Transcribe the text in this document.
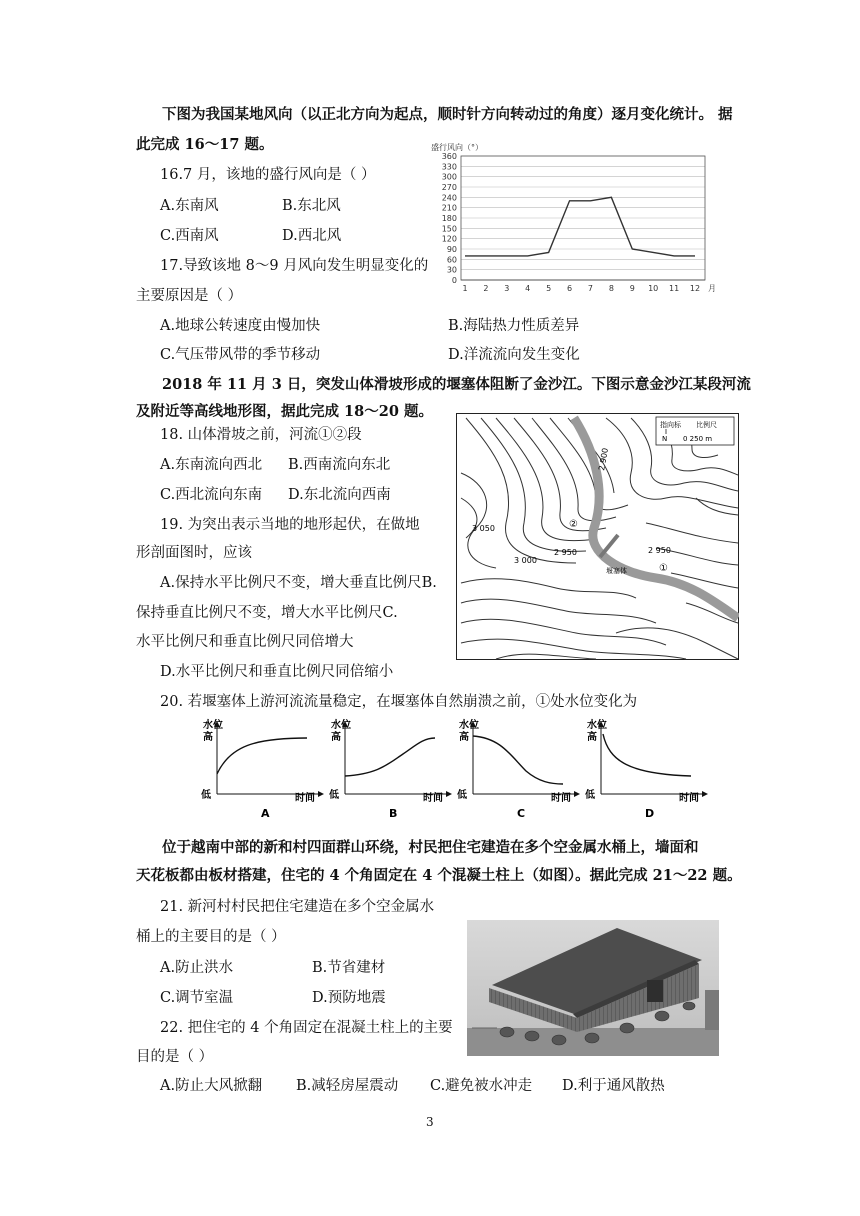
下图为我国某地风向（以正北方向为起点，顺时针方向转动过的角度）逐月变化统计。 据
此完成 16～17 题。
16.7 月，该地的盛行风向是（ ）
A.东南风	B.东北风
C.西南风	D.西北风
17.导致该地 8～9 月风向发生明显变化的
主要原因是（ ）
A.地球公转速度由慢加快	B.海陆热力性质差异
C.气压带风带的季节移动	D.洋流流向发生变化
盛行风向（°）
0
30
60
90
120
150
180
210
240
270
300
330
360
1 2 3 4 5 6 7 8 9 10 11 12 月
2018 年 11 月 3 日，突发山体滑坡形成的堰塞体阻断了金沙江。下图示意金沙江某段河流
及附近等高线地形图，据此完成 18～20 题。
18. 山体滑坡之前，河流①②段
A.东南流向西北 B.西南流向东北
C.西北流向东南 D.东北流向西南
19. 为突出表示当地的地形起伏，在做地
形剖面图时，应该
A.保持水平比例尺不变，增大垂直比例尺B.
保持垂直比例尺不变，增大水平比例尺C.
水平比例尺和垂直比例尺同倍增大
D.水平比例尺和垂直比例尺同倍缩小
指向标
N
比例尺
0 250 m
2 900
3 050
2 950	2 950
3 000
②
①
堰塞体
20. 若堰塞体上游河流流量稳定，在堰塞体自然崩溃之前，①处水位变化为
水位
高
低	时间
A
水位
高
低	时间
B
水位
高
低	时间
C
水位
高
低	时间
D
位于越南中部的新和村四面群山环绕，村民把住宅建造在多个空金属水桶上，墙面和
天花板都由板材搭建，住宅的 4 个角固定在 4 个混凝土柱上（如图）。据此完成 21～22 题。
21. 新河村村民把住宅建造在多个空金属水
桶上的主要目的是（ ）
A.防止洪水	B.节省建材
C.调节室温	D.预防地震
22. 把住宅的 4 个角固定在混凝土柱上的主要
目的是（ ）
A.防止大风掀翻 B.减轻房屋震动 C.避免被水冲走 D.利于通风散热
3
